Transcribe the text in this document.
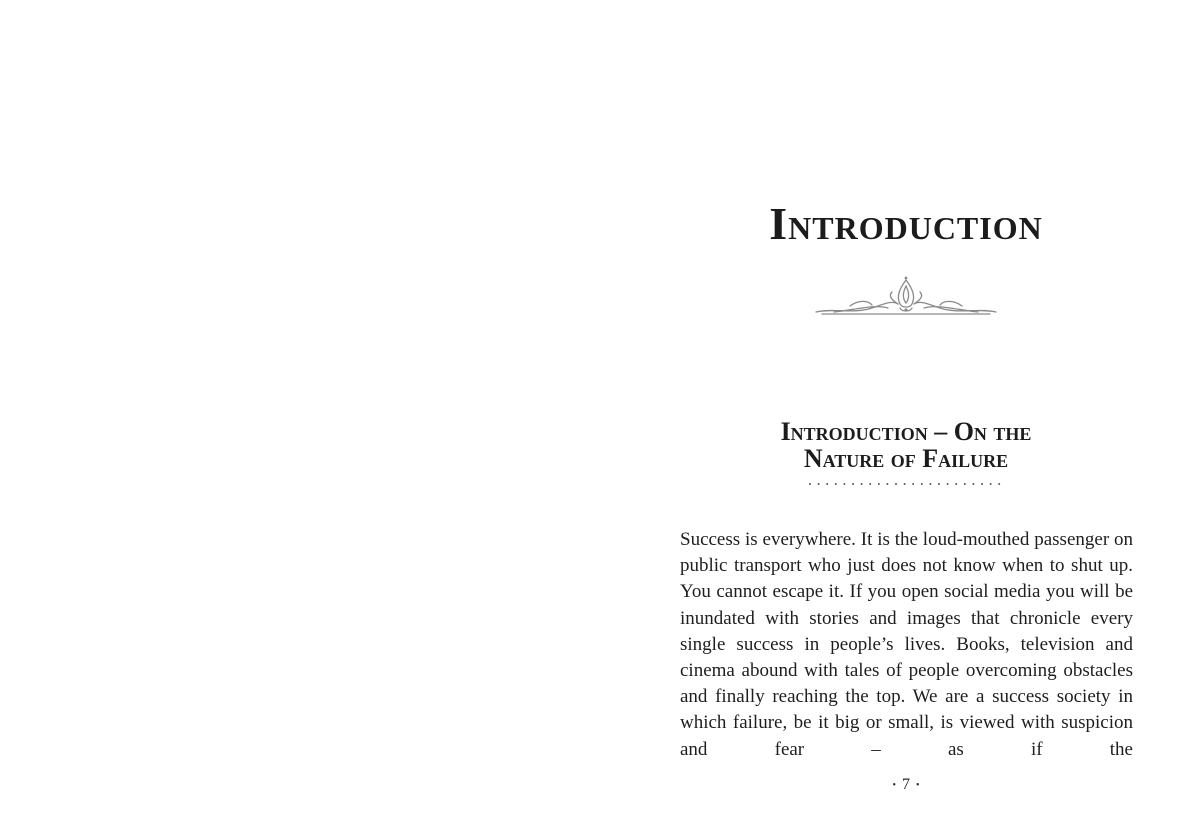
Introduction
Introduction – On the
Nature of Failure

Success is everywhere. It is the loud-mouthed passenger on public transport who just does not know when to shut up. You cannot escape it. If you open social media you will be inundated with stories and images that chronicle every single success in people’s lives. Books, television and cinema abound with tales of people overcoming obstacles and finally reaching the top. We are a success society in which failure, be it big or small, is viewed with suspicion and fear – as if the

• 7 •
